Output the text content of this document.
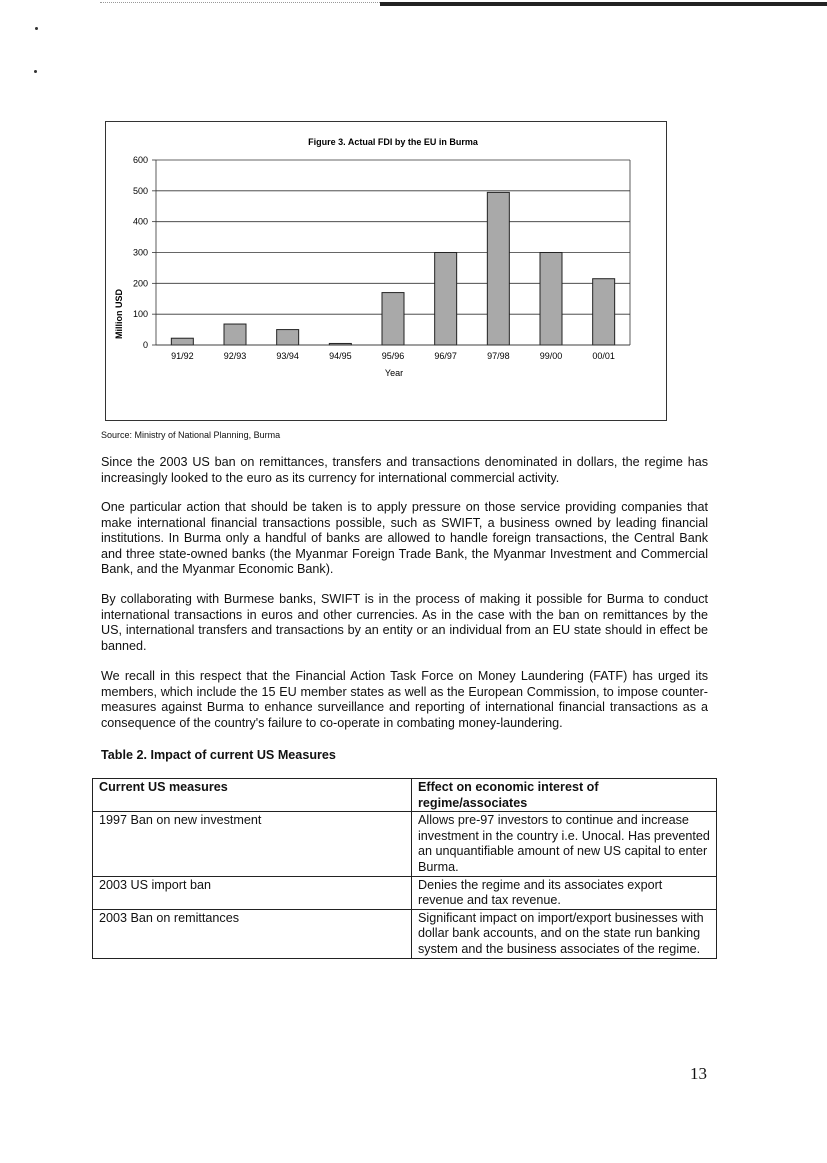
Figure 3. Actual FDI by the EU in Burma
Million USD
Year
0
100
200
300
400
500
600
91/92	92/93	93/94	94/95	95/96	96/97	97/98	99/00	00/01
Source: Ministry of National Planning, Burma

Since the 2003 US ban on remittances, transfers and transactions denominated in dollars, the regime has increasingly looked to the euro as its currency for international commercial activity.

One particular action that should be taken is to apply pressure on those service providing companies that make international financial transactions possible, such as SWIFT, a business owned by leading financial institutions. In Burma only a handful of banks are allowed to handle foreign transactions, the Central Bank and three state-owned banks (the Myanmar Foreign Trade Bank, the Myanmar Investment and Commercial Bank, and the Myanmar Economic Bank).

By collaborating with Burmese banks, SWIFT is in the process of making it possible for Burma to conduct international transactions in euros and other currencies. As in the case with the ban on remittances by the US, international transfers and transactions by an entity or an individual from an EU state should in effect be banned.

We recall in this respect that the Financial Action Task Force on Money Laundering (FATF) has urged its members, which include the 15 EU member states as well as the European Commission, to impose counter-measures against Burma to enhance surveillance and reporting of international financial transactions as a consequence of the country's failure to co-operate in combating money-laundering.

Table 2. Impact of current US Measures
Current US measures	Effect on economic interest of regime/associates
1997 Ban on new investment	Allows pre-97 investors to continue and increase investment in the country i.e. Unocal. Has prevented an unquantifiable amount of new US capital to enter Burma.
2003 US import ban	Denies the regime and its associates export revenue and tax revenue.
2003 Ban on remittances	Significant impact on import/export businesses with dollar bank accounts, and on the state run banking system and the business associates of the regime.
13
